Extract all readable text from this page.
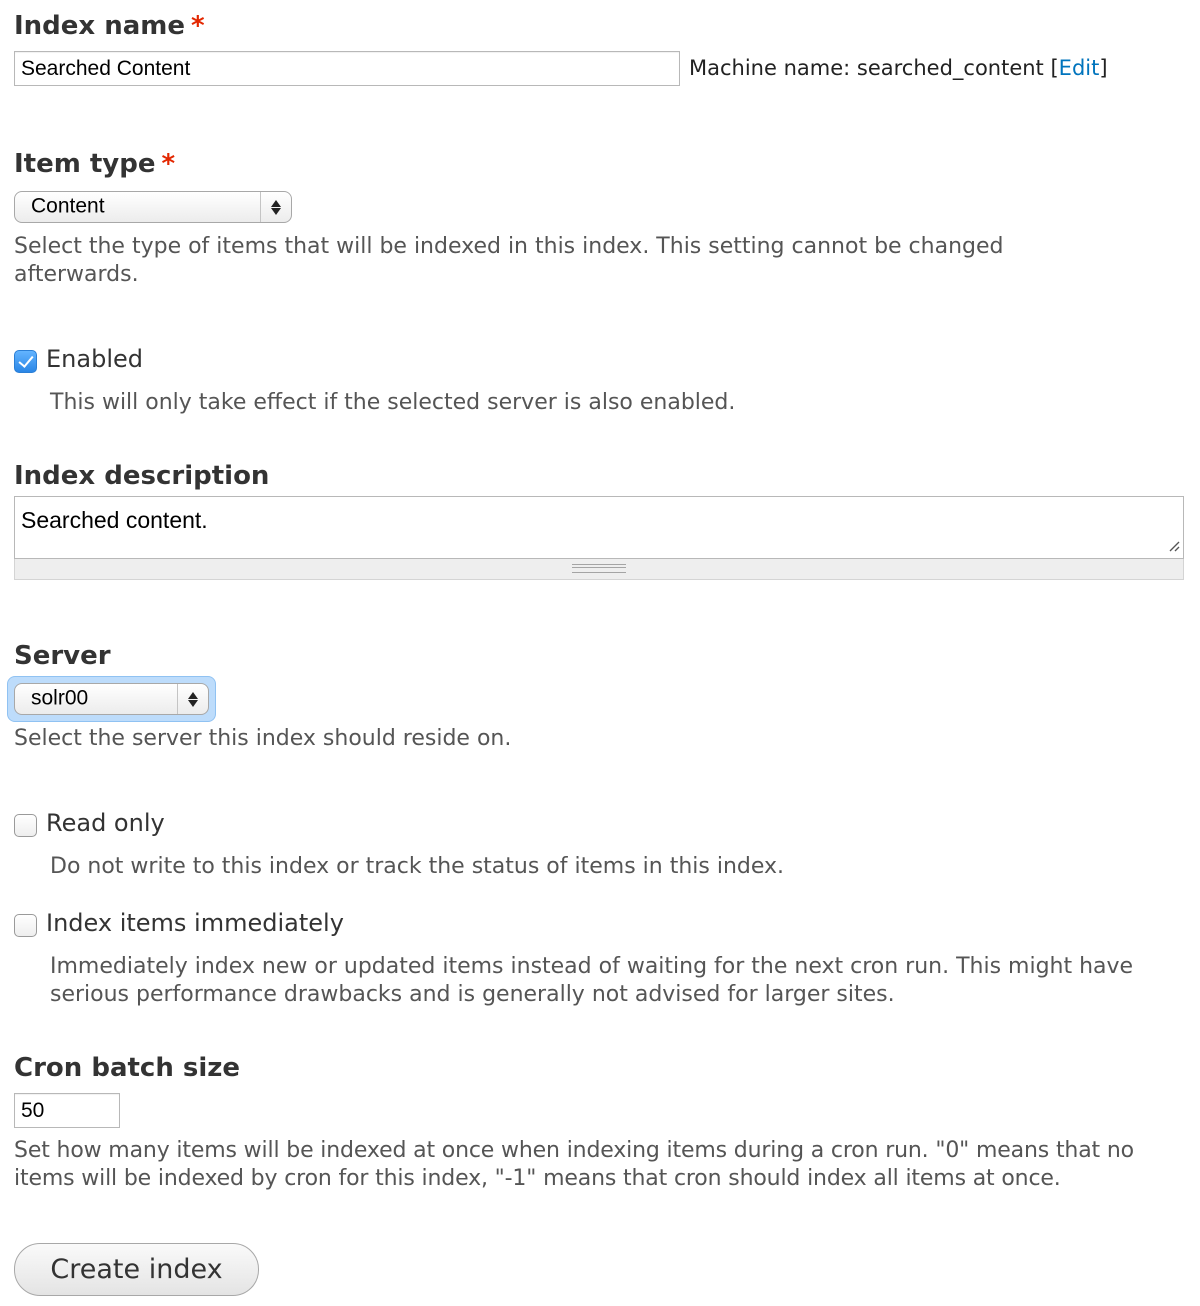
Index name *
Searched Content
Machine name: searched_content [Edit]
Item type *
Content
Select the type of items that will be indexed in this index. This setting cannot be changed afterwards.
Enabled
This will only take effect if the selected server is also enabled.
Index description
Searched content.
Server
solr00
Select the server this index should reside on.
Read only
Do not write to this index or track the status of items in this index.
Index items immediately
Immediately index new or updated items instead of waiting for the next cron run. This might have serious performance drawbacks and is generally not advised for larger sites.
Cron batch size
50
Set how many items will be indexed at once when indexing items during a cron run. "0" means that no items will be indexed by cron for this index, "-1" means that cron should index all items at once.
Create index
